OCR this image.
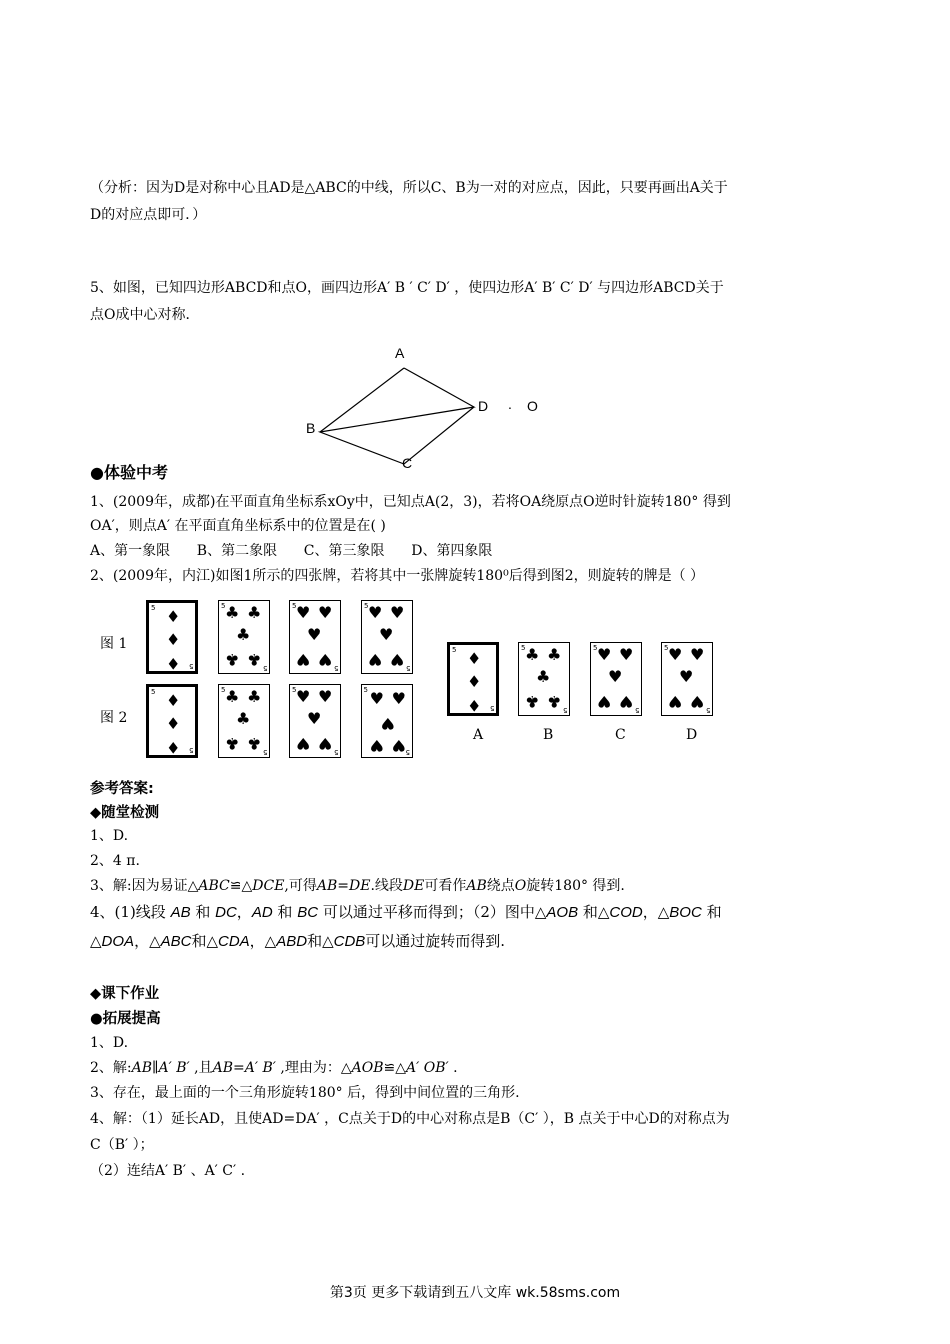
（分析：因为D是对称中心且AD是△ABC的中线，所以C、B为一对的对应点，因此，只要再画出A关于
D的对应点即可．）
5、如图，已知四边形ABCD和点O，画四边形A′ B ′ C′ D′ ，使四边形A′ B′ C′ D′ 与四边形ABCD关于
点O成中心对称．
A
B
C
D . O
●体验中考
1、(2009年，成都)在平面直角坐标系xOy中，已知点A(2，3)，若将OA绕原点O逆时针旋转180° 得到
OA′，则点A′ 在平面直角坐标系中的位置是在( )
A、第一象限      B、第二象限      C、第三象限      D、第四象限
2、(2009年，内江)如图1所示的四张牌，若将其中一张牌旋转180⁰后得到图2，则旋转的牌是（ ）
图 1
图 2
♦
♦
♦
5
5
♣ ♣
♣
♣ ♣
5
5
♥ ♥
♥
♥ ♥
5
5
♥ ♥
♥
♥ ♥
5
5
♦
♦
♦
5
5
♣ ♣
♣
♣ ♣
5
5
♥ ♥
♥
♥ ♥
5
5	♥
♥
♥
♥
♥
5
5
♦
♦
♦
5
5
♣ ♣
♣
♣ ♣
5
5
♥ ♥
♥
♥ ♥
5
5
♥ ♥
♥
♥ ♥
5
5
A	B	C	D
参考答案:
◆随堂检测
1、D.
2、4 π.
3、解:因为易证△ABC≌△DCE,可得AB=DE.线段DE可看作AB绕点O旋转180° 得到.
4、(1)线段 AB 和 DC，AD 和 BC 可以通过平移而得到；（2）图中△AOB 和△COD，△BOC 和
△DOA，△ABC和△CDA，△ABD和△CDB可以通过旋转而得到.
◆课下作业
●拓展提高
1、D.
2、解:AB∥A′ B′ ,且AB=A′ B′ ,理由为：△AOB≌△A′ OB′ .
3、存在，最上面的一个三角形旋转180° 后，得到中间位置的三角形.
4、解：（1）延长AD，且使AD=DA′ ，C点关于D的中心对称点是B（C′ ），B 点关于中心D的对称点为
C（B′ ）；
（2）连结A′ B′ 、A′ C′ .
第3页 更多下载请到五八文库 wk.58sms.com
